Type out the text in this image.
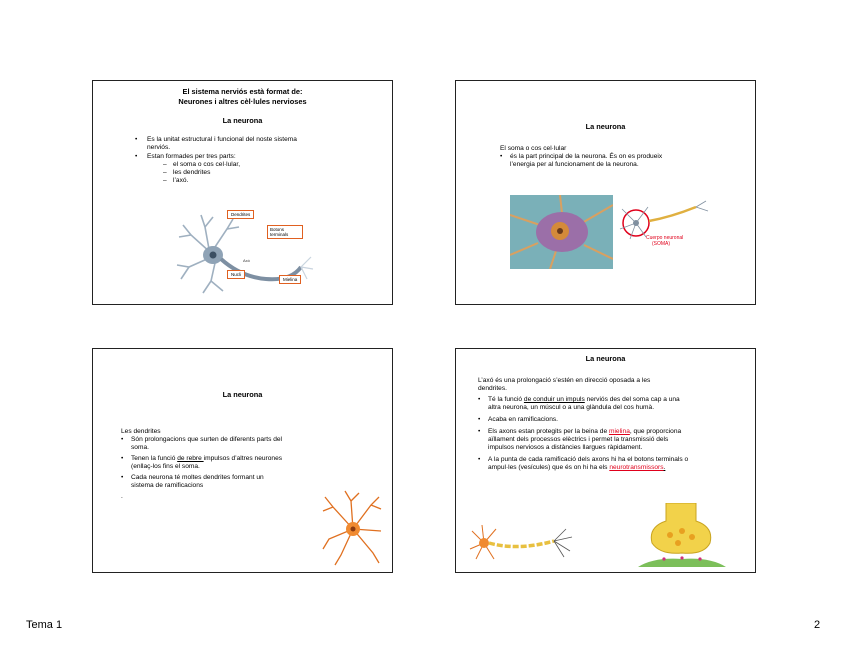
El sistema nerviós està format de:
Neurones i altres cèl·lules nervioses
La neurona
• Es la unitat estructural i funcional del noste sistema
nerviós.
• Estan formades per tres parts:
– el soma o cos cel·lular,
– les dendrites
– l’axó.
Dendrites
Botons terminals
Nucli
Mielina
Axó
La neurona
El soma o cos cel·lular
• és la part principal de la neurona. És on es produeix
l’energia per al funcionament de la neurona.
Cuerpo neuronal
(SOMA)
La neurona
Les dendrites
• Són prolongacions que surten de diferents parts del
soma.
• Tenen la funció de rebre impulsos d’altres neurones
(enllaç-los fins el soma.
• Cada neurona té moltes dendrites formant un
sistema de ramificacions
.
La neurona
L’axó és una prolongació s’estén en direcció oposada a les
dendrites.
• Té la funció de conduir un impuls nerviós des del soma cap a una
altra neurona, un múscul o a una glàndula del cos humà.
• Acaba en ramificacions.
• Els axons estan protegits per la beina de mielina, que proporciona
aïllament dels processos elèctrics i permet la transmissió dels
impulsos nerviosos a distàncies llargues ràpidament.
• A la punta de cada ramificació dels axons hi ha el botons terminals o
ampul·les (vesícules) que és on hi ha els neurotransmissors.
Tema 1	2
